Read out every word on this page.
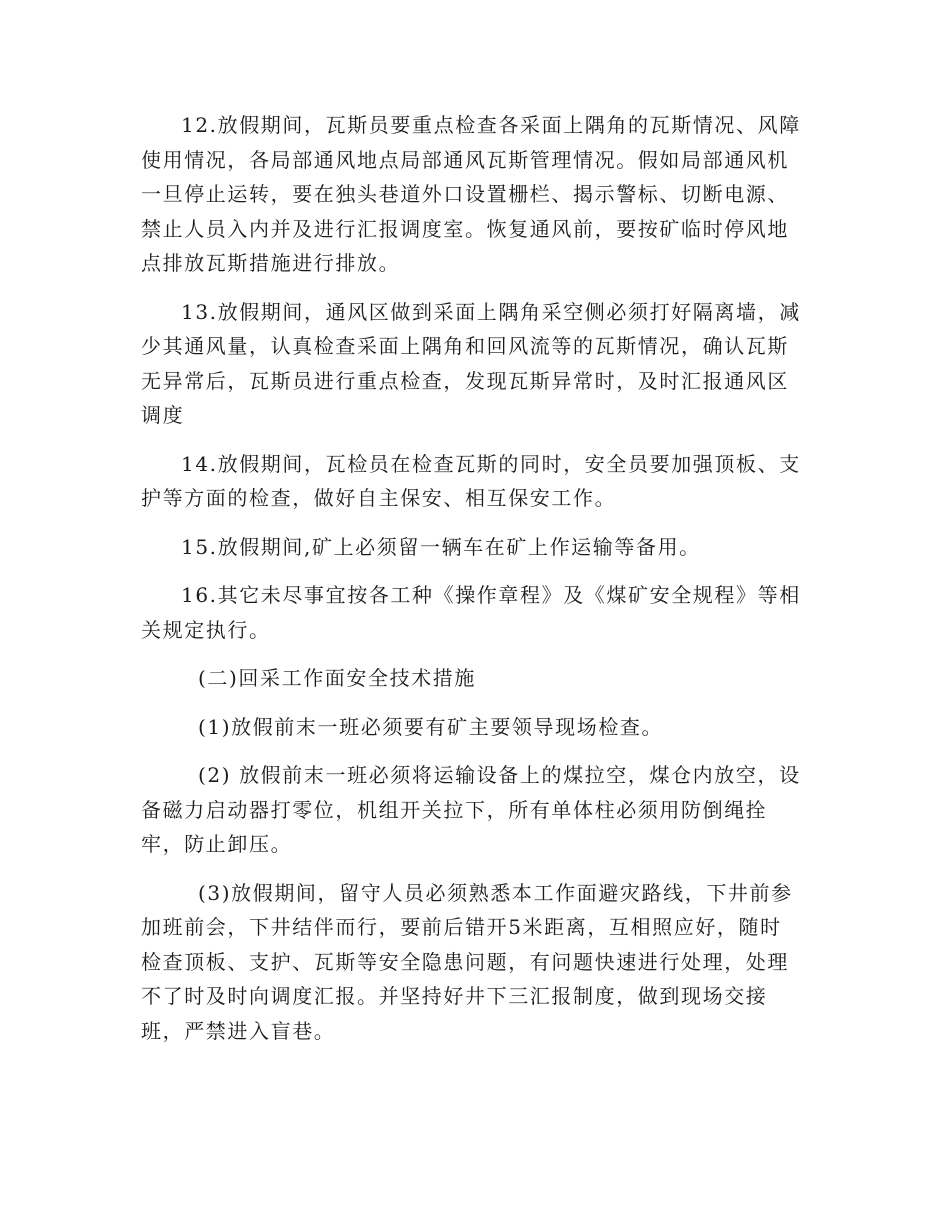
12.放假期间，瓦斯员要重点检查各采面上隅角的瓦斯情况、风障
使用情况，各局部通风地点局部通风瓦斯管理情况。假如局部通风机
一旦停止运转，要在独头巷道外口设置栅栏、揭示警标、切断电源、
禁止人员入内并及进行汇报调度室。恢复通风前，要按矿临时停风地
点排放瓦斯措施进行排放。

13.放假期间，通风区做到采面上隅角采空侧必须打好隔离墙，减
少其通风量，认真检查采面上隅角和回风流等的瓦斯情况，确认瓦斯
无异常后，瓦斯员进行重点检查，发现瓦斯异常时，及时汇报通风区
调度

14.放假期间，瓦检员在检查瓦斯的同时，安全员要加强顶板、支
护等方面的检查，做好自主保安、相互保安工作。

15.放假期间,矿上必须留一辆车在矿上作运输等备用。

16.其它未尽事宜按各工种《操作章程》及《煤矿安全规程》等相
关规定执行。

(二)回采工作面安全技术措施

(1)放假前末一班必须要有矿主要领导现场检查。

(2) 放假前末一班必须将运输设备上的煤拉空，煤仓内放空，设
备磁力启动器打零位，机组开关拉下，所有单体柱必须用防倒绳拴
牢，防止卸压。

(3)放假期间，留守人员必须熟悉本工作面避灾路线，下井前参
加班前会，下井结伴而行，要前后错开5米距离，互相照应好，随时
检查顶板、支护、瓦斯等安全隐患问题，有问题快速进行处理，处理
不了时及时向调度汇报。并坚持好井下三汇报制度，做到现场交接
班，严禁进入盲巷。
